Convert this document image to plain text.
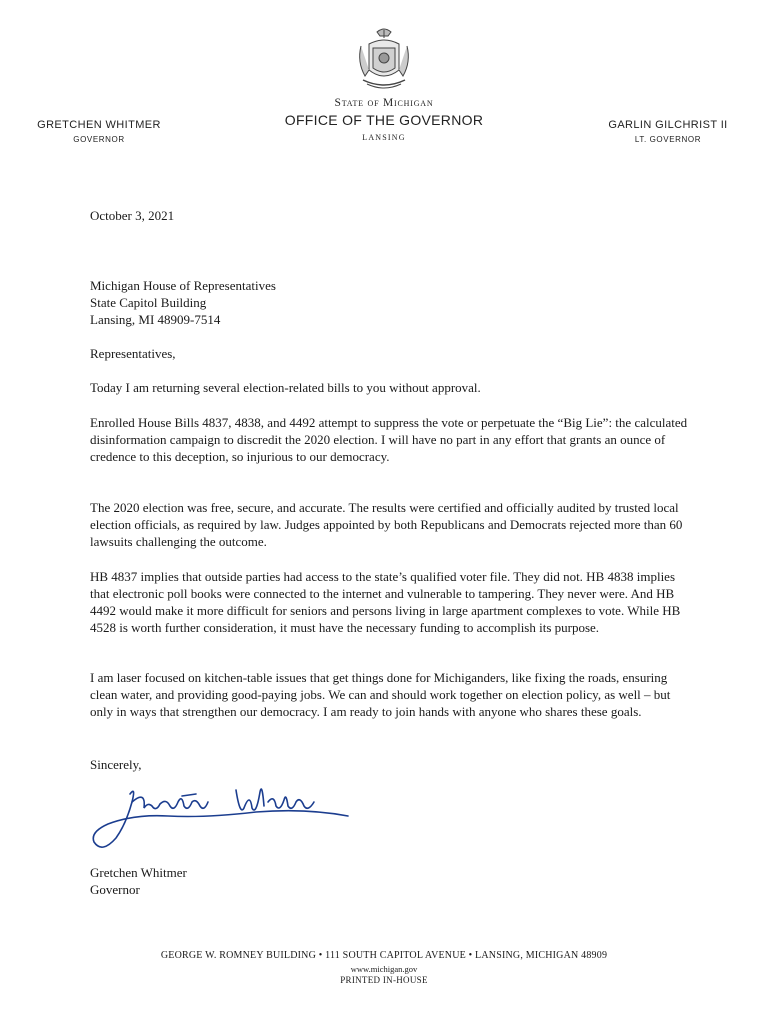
GRETCHEN WHITMER
GOVERNOR
State of Michigan
OFFICE OF THE GOVERNOR
LANSING
GARLIN GILCHRIST II
LT. GOVERNOR
October 3, 2021
Michigan House of Representatives
State Capitol Building
Lansing, MI 48909-7514
Representatives,

Today I am returning several election-related bills to you without approval.

Enrolled House Bills 4837, 4838, and 4492 attempt to suppress the vote or perpetuate the “Big Lie”: the calculated disinformation campaign to discredit the 2020 election. I will have no part in any effort that grants an ounce of credence to this deception, so injurious to our democracy.

The 2020 election was free, secure, and accurate. The results were certified and officially audited by trusted local election officials, as required by law. Judges appointed by both Republicans and Democrats rejected more than 60 lawsuits challenging the outcome.

HB 4837 implies that outside parties had access to the state’s qualified voter file. They did not. HB 4838 implies that electronic poll books were connected to the internet and vulnerable to tampering. They never were. And HB 4492 would make it more difficult for seniors and persons living in large apartment complexes to vote. While HB 4528 is worth further consideration, it must have the necessary funding to accomplish its purpose.

I am laser focused on kitchen-table issues that get things done for Michiganders, like fixing the roads, ensuring clean water, and providing good-paying jobs. We can and should work together on election policy, as well – but only in ways that strengthen our democracy. I am ready to join hands with anyone who shares these goals.

Sincerely,
Gretchen Whitmer
Governor
GEORGE W. ROMNEY BUILDING • 111 SOUTH CAPITOL AVENUE • LANSING, MICHIGAN 48909
www.michigan.gov
PRINTED IN-HOUSE
